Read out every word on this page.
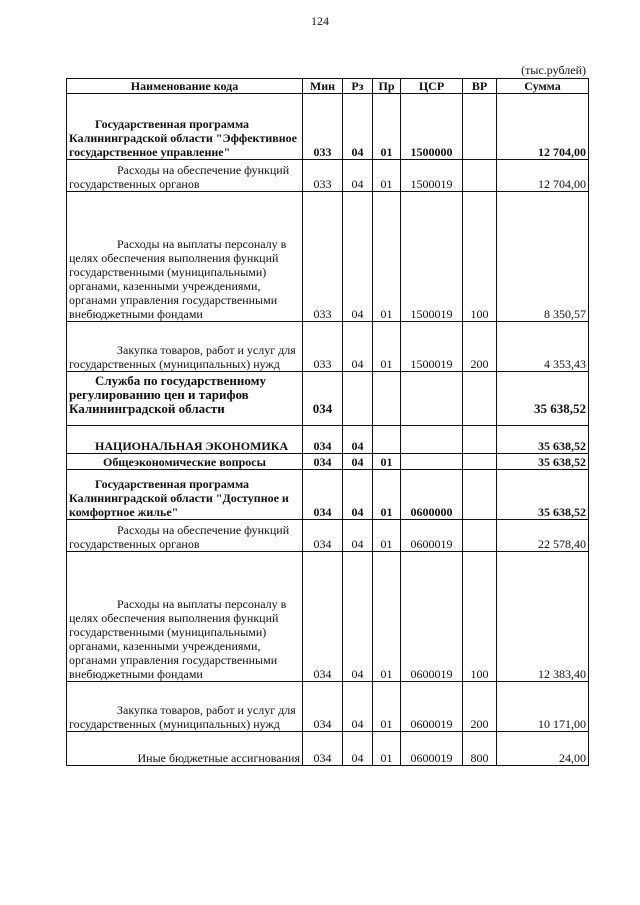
124
(тыс.рублей)
Наименование кода	Мин	Рз	Пр	ЦСР	ВР	Сумма
Государственная программа Калининградской области "Эффективное государственное управление"	033	04	01	1500000		12 704,00
Расходы на обеспечение функций государственных органов	033	04	01	1500019		12 704,00
Расходы на выплаты персоналу в целях обеспечения выполнения функций государственными (муниципальными) органами, казенными учреждениями, органами управления государственными внебюджетными фондами	033	04	01	1500019	100	8 350,57
Закупка товаров, работ и услуг для государственных (муниципальных) нужд	033	04	01	1500019	200	4 353,43
Служба по государственному регулированию цен и тарифов Калининградской области	034					35 638,52
НАЦИОНАЛЬНАЯ ЭКОНОМИКА	034	04				35 638,52
Общеэкономические вопросы	034	04	01			35 638,52
Государственная программа Калининградской области "Доступное и комфортное жилье"	034	04	01	0600000		35 638,52
Расходы на обеспечение функций государственных органов	034	04	01	0600019		22 578,40
Расходы на выплаты персоналу в целях обеспечения выполнения функций государственными (муниципальными) органами, казенными учреждениями, органами управления государственными внебюджетными фондами	034	04	01	0600019	100	12 383,40
Закупка товаров, работ и услуг для государственных (муниципальных) нужд	034	04	01	0600019	200	10 171,00
Иные бюджетные ассигнования	034	04	01	0600019	800	24,00
